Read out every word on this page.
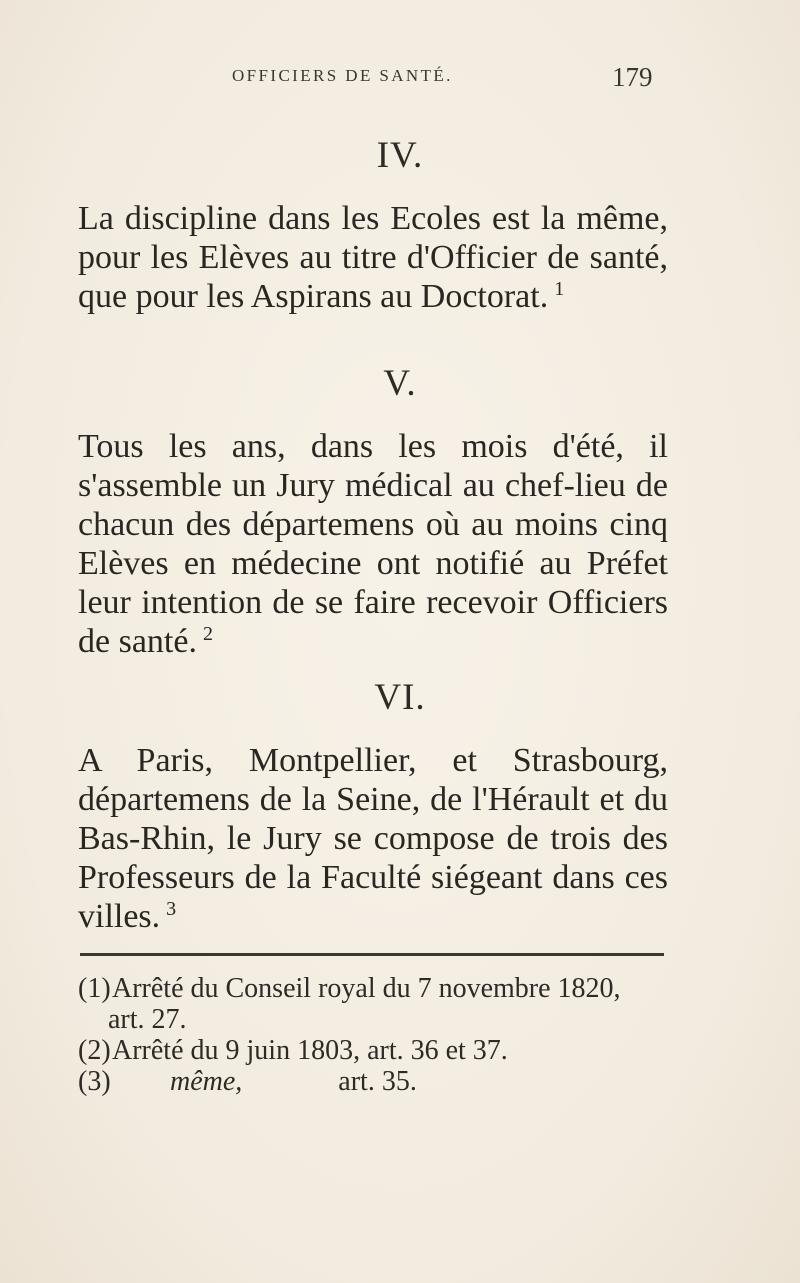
OFFICIERS DE SANTÉ.	179
IV.
La discipline dans les Ecoles est la même, pour les Elèves au titre d'Officier de santé, que pour les Aspirans au Doctorat. $^1$
V.
Tous les ans, dans les mois d'été, il s'assemble un Jury médical au chef-lieu de chacun des départemens où au moins cinq Elèves en médecine ont notifié au Préfet leur intention de se faire recevoir Officiers de santé. $^2$
VI.
A Paris, Montpellier, et Strasbourg, départemens de la Seine, de l'Hérault et du Bas-Rhin, le Jury se compose de trois des Professeurs de la Faculté siégeant dans ces villes. $^3$
(1)Arrêté du Conseil royal du 7 novembre 1820,
art. 27.
(2)Arrêté du 9 juin 1803, art. 36 et 37.
(3) même,	art. 35.
